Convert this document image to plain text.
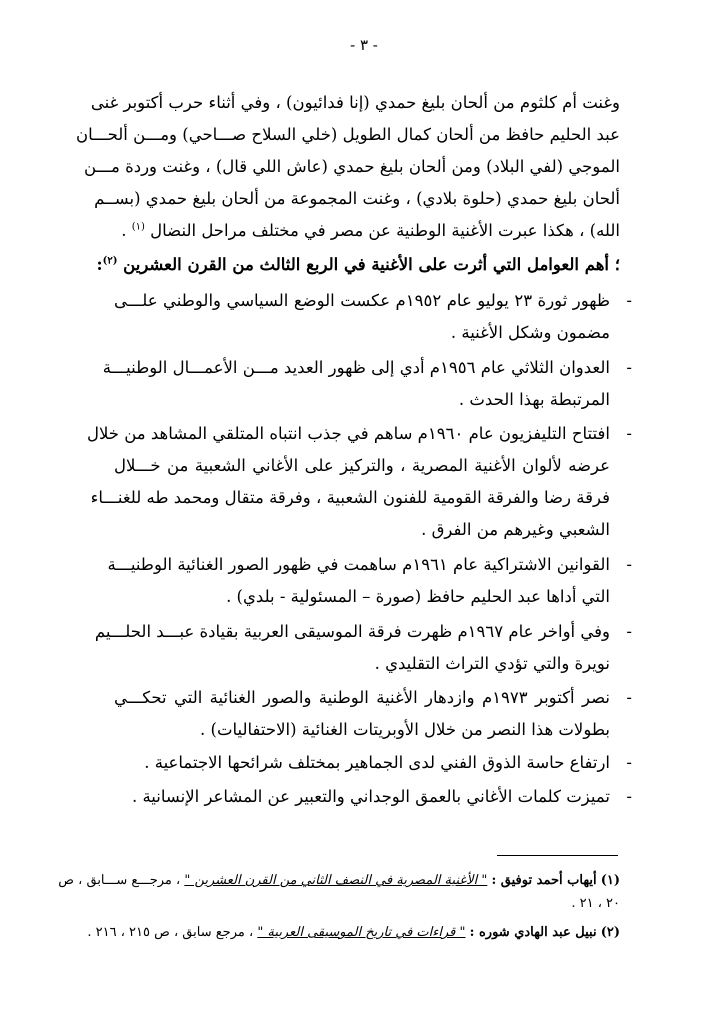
- ٣ -
وغنت أم كلثوم من ألحان بليغ حمدي (إنا فدائيون) ، وفي أثناء حرب أكتوبر غنى
عبد الحليم حافظ من ألحان كمال الطويل (خلي السلاح صـــاحي) ومـــن ألحـــان
الموجي (لفي البلاد) ومن ألحان بليغ حمدي (عاش اللي قال) ، وغنت وردة مـــن
ألحان بليغ حمدي (حلوة بلادي) ، وغنت المجموعة من ألحان بليغ حمدي (بســم
الله) ، هكذا عبرت الأغنية الوطنية عن مصر في مختلف مراحل النضال $^{(١)}$ .
؛ أهم العوامل التي أثرت على الأغنية في الربع الثالث من القرن العشرين $^{(٢)}$:
-
ظهور ثورة ٢٣ يوليو عام ١٩٥٢م عكست الوضع السياسي والوطني علـــى
مضمون وشكل الأغنية .
-
العدوان الثلاثي عام ١٩٥٦م أدي إلى ظهور العديد مـــن الأعمـــال الوطنيـــة
المرتبطة بهذا الحدث .
-
افتتاح التليفزيون عام ١٩٦٠م ساهم في جذب انتباه المتلقي المشاهد من خلال
عرضه لألوان الأغنية المصرية ، والتركيز على الأغاني الشعبية من خـــلال
فرقة رضا والفرقة القومية للفنون الشعبية ، وفرقة متقال ومحمد طه للغنـــاء
الشعبي وغيرهم من الفرق .
-
القوانين الاشتراكية عام ١٩٦١م ساهمت في ظهور الصور الغنائية الوطنيـــة
التي أداها عبد الحليم حافظ (صورة – المسئولية - بلدي) .
-
وفي أواخر عام ١٩٦٧م ظهرت فرقة الموسيقى العربية بقيادة عبـــد الحلـــيم
نويرة والتي تؤدي التراث التقليدي .
-
نصر أكتوبر ١٩٧٣م وازدهار الأغنية الوطنية والصور الغنائية التي تحكـــي
بطولات هذا النصر من خلال الأوبريتات الغنائية (الاحتفاليات) .
-
ارتفاع حاسة الذوق الفني لدى الجماهير بمختلف شرائحها الاجتماعية .
-
تميزت كلمات الأغاني بالعمق الوجداني والتعبير عن المشاعر الإنسانية .
(١) أيهاب أحمد توفيق : " الأغنية المصرية في النصف الثاني من القرن العشرين " ، مرجـــع ســـابق ، ص
٢٠ ، ٢١ .
(٢) نبيل عبد الهادي شوره : " قراءات في تاريخ الموسيقى العربية " ، مرجع سابق ، ص ٢١٥ ، ٢١٦ .
